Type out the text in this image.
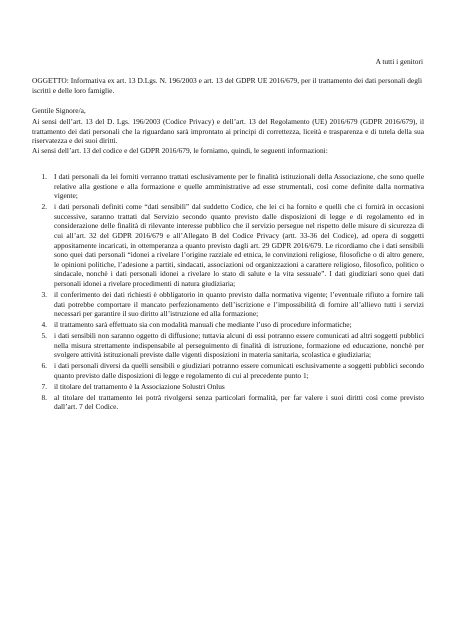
A tutti i genitori
OGGETTO: Informativa ex art. 13 D.Lgs. N. 196/2003 e art. 13 del GDPR UE 2016/679, per il trattamento dei dati personali degli iscritti e delle loro famiglie.
Gentile Signore/a,

Ai sensi dell’art. 13 del D. Lgs. 196/2003 (Codice Privacy) e dell’art. 13 del Regolamento (UE) 2016/679 (GDPR 2016/679), il trattamento dei dati personali che la riguardano sarà improntato ai principi di correttezza, liceità e trasparenza e di tutela della sua riservatezza e dei suoi diritti.

Ai sensi dell’art. 13 del codice e del GDPR 2016/679, le forniamo, quindi, le seguenti informazioni:

1. I dati personali da lei forniti verranno trattati esclusivamente per le finalità istituzionali della Associazione, che sono quelle relative alla gestione e alla formazione e quelle amministrative ad esse strumentali, così come definite dalla normativa vigente;
2. i dati personali definiti come “dati sensibili” dal suddetto Codice, che lei ci ha fornito e quelli che ci fornirà in occasioni successive, saranno trattati dal Servizio secondo quanto previsto dalle disposizioni di legge e di regolamento ed in considerazione delle finalità di rilevante interesse pubblico che il servizio persegue nel rispetto delle misure di sicurezza di cui all’art. 32 del GDPR 2016/679 e all’Allegato B del Codice Privacy (artt. 33-36 del Codice), ad opera di soggetti appositamente incaricati, in ottemperanza a quanto previsto dagli art. 29 GDPR 2016/679. Le ricordiamo che i dati sensibili sono quei dati personali “idonei a rivelare l’origine razziale ed etnica, le convinzioni religiose, filosofiche o di altro genere, le opinioni politiche, l’adesione a partiti, sindacati, associazioni od organizzazioni a carattere religioso, filosofico, politico o sindacale, nonchè i dati personali idonei a rivelare lo stato di salute e la vita sessuale”. I dati giudiziari sono quei dati personali idonei a rivelare procedimenti di natura giudiziaria;
3. il conferimento dei dati richiesti è obbligatorio in quanto previsto dalla normativa vigente; l’eventuale rifiuto a fornire tali dati potrebbe comportare il mancato perfezionamento dell’iscrizione e l’impossibilità di fornire all’allievo tutti i servizi necessari per garantire il suo diritto all’istruzione ed alla formazione;
4. il trattamento sarà effettuato sia con modalità manuali che mediante l’uso di procedure informatiche;
5. i dati sensibili non saranno oggetto di diffusione; tuttavia alcuni di essi potranno essere comunicati ad altri soggetti pubblici nella misura strettamente indispensabile al perseguimento di finalità di istruzione, formazione ed educazione, nonchè per svolgere attività istituzionali previste dalle vigenti disposizioni in materia sanitaria, scolastica e giudiziaria;
6. i dati personali diversi da quelli sensibili e giudiziari potranno essere comunicati esclusivamente a soggetti pubblici secondo quanto previsto dalle disposizioni di legge e regolamento di cui al precedente punto 1;
7. il titolare del trattamento è la Associazione Solustri Onlus
8. al titolare del trattamento lei potrà rivolgersi senza particolari formalità, per far valere i suoi diritti così come previsto dall’art. 7 del Codice.
